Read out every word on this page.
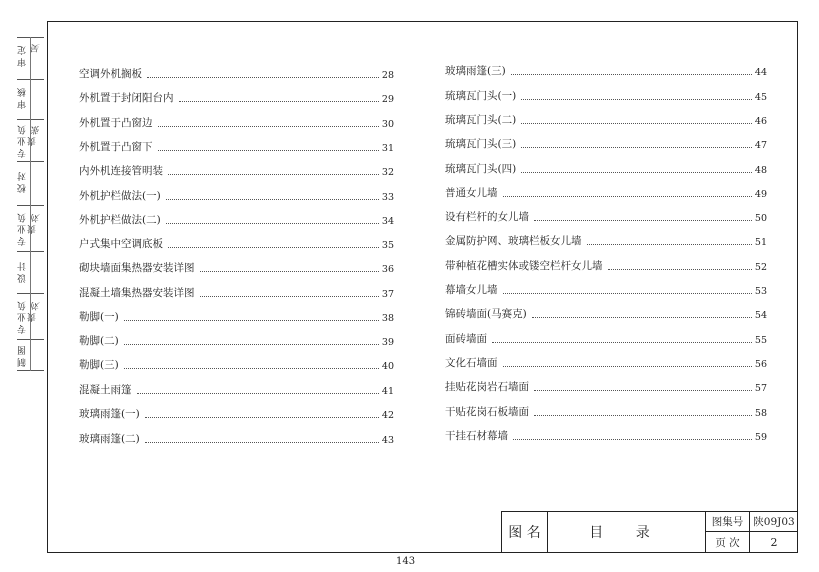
审 定 吴
审 核
专 业 负 责
张
校 对
专 业 负 责
刘
设 计
专 业 负 责
刘
制 图
空调外机搁板	28
外机置于封闭阳台内	29
外机置于凸窗边	30
外机置于凸窗下	31
内外机连接管明装	32
外机护栏做法(一)	33
外机护栏做法(二)	34
户式集中空调底板	35
砌块墙面集热器安装详图	36
混凝土墙集热器安装详图	37
勒脚(一)	38
勒脚(二)	39
勒脚(三)	40
混凝土雨篷	41
玻璃雨篷(一)	42
玻璃雨篷(二)	43
玻璃雨篷(三)	44
琉璃瓦门头(一)	45
琉璃瓦门头(二)	46
琉璃瓦门头(三)	47
琉璃瓦门头(四)	48
普通女儿墙	49
设有栏杆的女儿墙	50
金属防护网、玻璃栏板女儿墙	51
带种植花槽实体或镂空栏杆女儿墙	52
幕墙女儿墙	53
锦砖墙面(马赛克)	54
面砖墙面	55
文化石墙面	56
挂贴花岗岩石墙面	57
干贴花岗石板墙面	58
干挂石材幕墙	59
图 名	目 录
图集号 陕09J03
页 次	2
143
